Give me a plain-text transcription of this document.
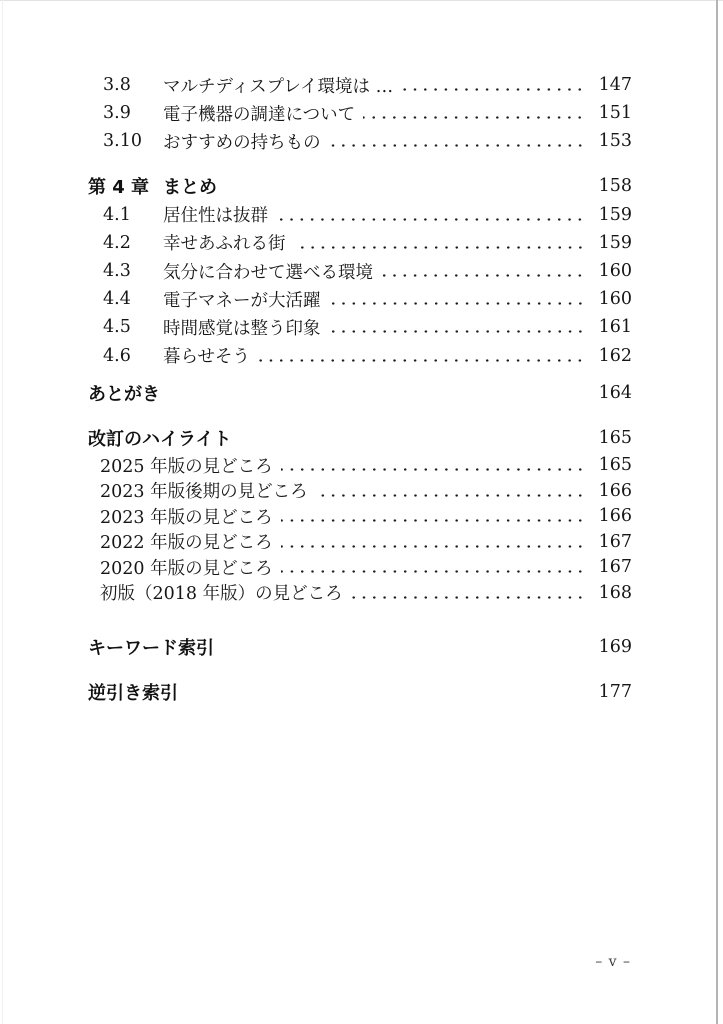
3.8	マルチディスプレイ環境は …	147
3.9	電子機器の調達について	151
3.10	おすすめの持ちもの	153
第 4 章 まとめ	158
4.1	居住性は抜群	159
4.2	幸せあふれる街	159
4.3	気分に合わせて選べる環境	160
4.4	電子マネーが大活躍	160
4.5	時間感覚は整う印象	161
4.6	暮らせそう	162
あとがき	164
改訂のハイライト	165
2025 年版の見どころ	165
2023 年版後期の見どころ	166
2023 年版の見どころ	166
2022 年版の見どころ	167
2020 年版の見どころ	167
初版（2018 年版）の見どころ	168
キーワード索引	169
逆引き索引	177
– v –
